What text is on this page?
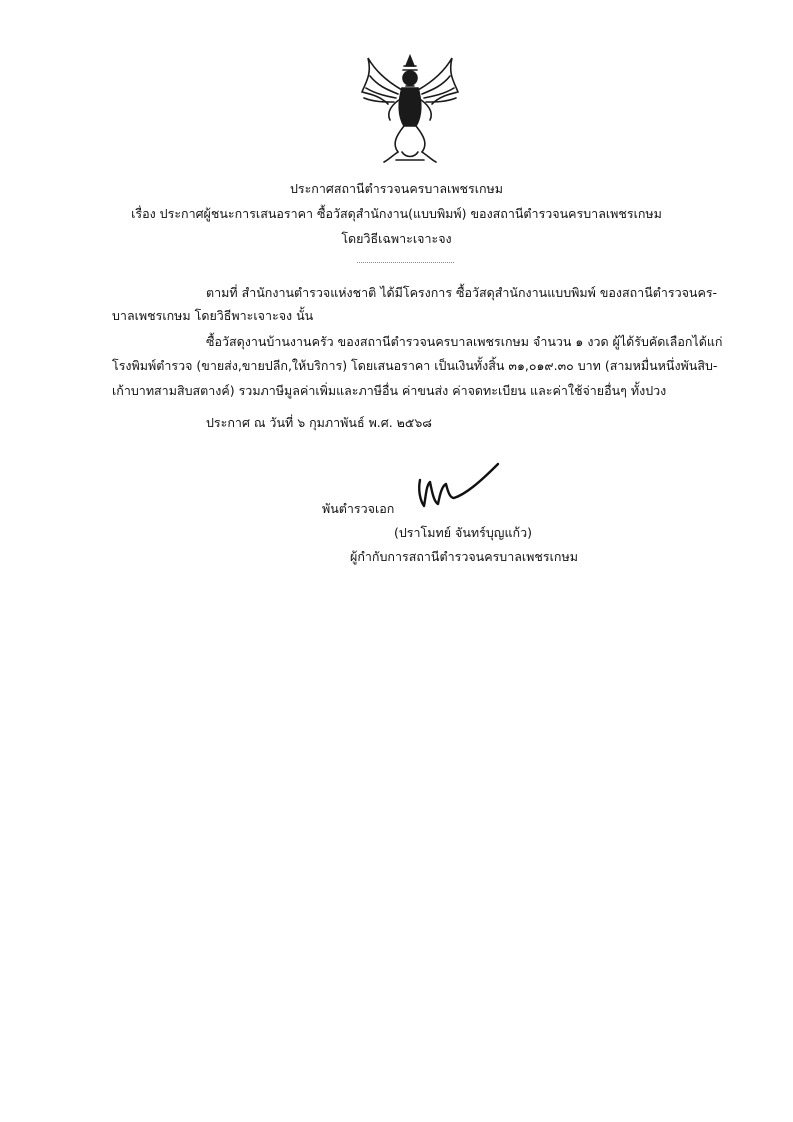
ประกาศสถานีตำรวจนครบาลเพชรเกษม
เรื่อง ประกาศผู้ชนะการเสนอราคา ซื้อวัสดุสำนักงาน(แบบพิมพ์) ของสถานีตำรวจนครบาลเพชรเกษม
โดยวิธีเฉพาะเจาะจง
ตามที่ สำนักงานตำรวจแห่งชาติ ได้มีโครงการ ซื้อวัสดุสำนักงานแบบพิมพ์ ของสถานีตำรวจนคร-
บาลเพชรเกษม โดยวิธีพาะเจาะจง นั้น
ซื้อวัสดุงานบ้านงานครัว ของสถานีตำรวจนครบาลเพชรเกษม จำนวน ๑ งวด ผู้ได้รับคัดเลือกได้แก่
โรงพิมพ์ตำรวจ (ขายส่ง,ขายปลีก,ให้บริการ) โดยเสนอราคา เป็นเงินทั้งสิ้น ๓๑,๐๑๙.๓๐ บาท (สามหมื่นหนึ่งพันสิบ-
เก้าบาทสามสิบสตางค์) รวมภาษีมูลค่าเพิ่มและภาษีอื่น ค่าขนส่ง ค่าจดทะเบียน และค่าใช้จ่ายอื่นๆ ทั้งปวง
ประกาศ ณ วันที่ ๖ กุมภาพันธ์ พ.ศ. ๒๕๖๘
พันตำรวจเอก
(ปราโมทย์ จันทร์บุญแก้ว)
ผู้กำกับการสถานีตำรวจนครบาลเพชรเกษม
